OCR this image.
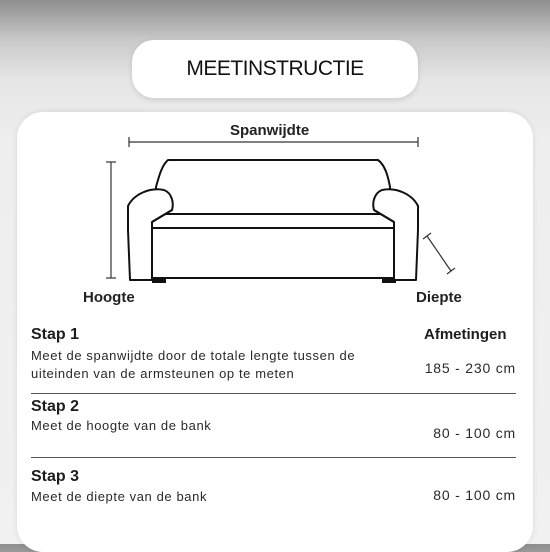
MEETINSTRUCTIE
Spanwijdte
Hoogte	Diepte
Afmetingen
Stap 1
Meet de spanwijdte door de totale lengte tussen de uiteinden van de armsteunen op te meten	185 - 230 cm
Stap 2
Meet de hoogte van de bank	80 - 100 cm
Stap 3
Meet de diepte van de bank	80 - 100 cm
